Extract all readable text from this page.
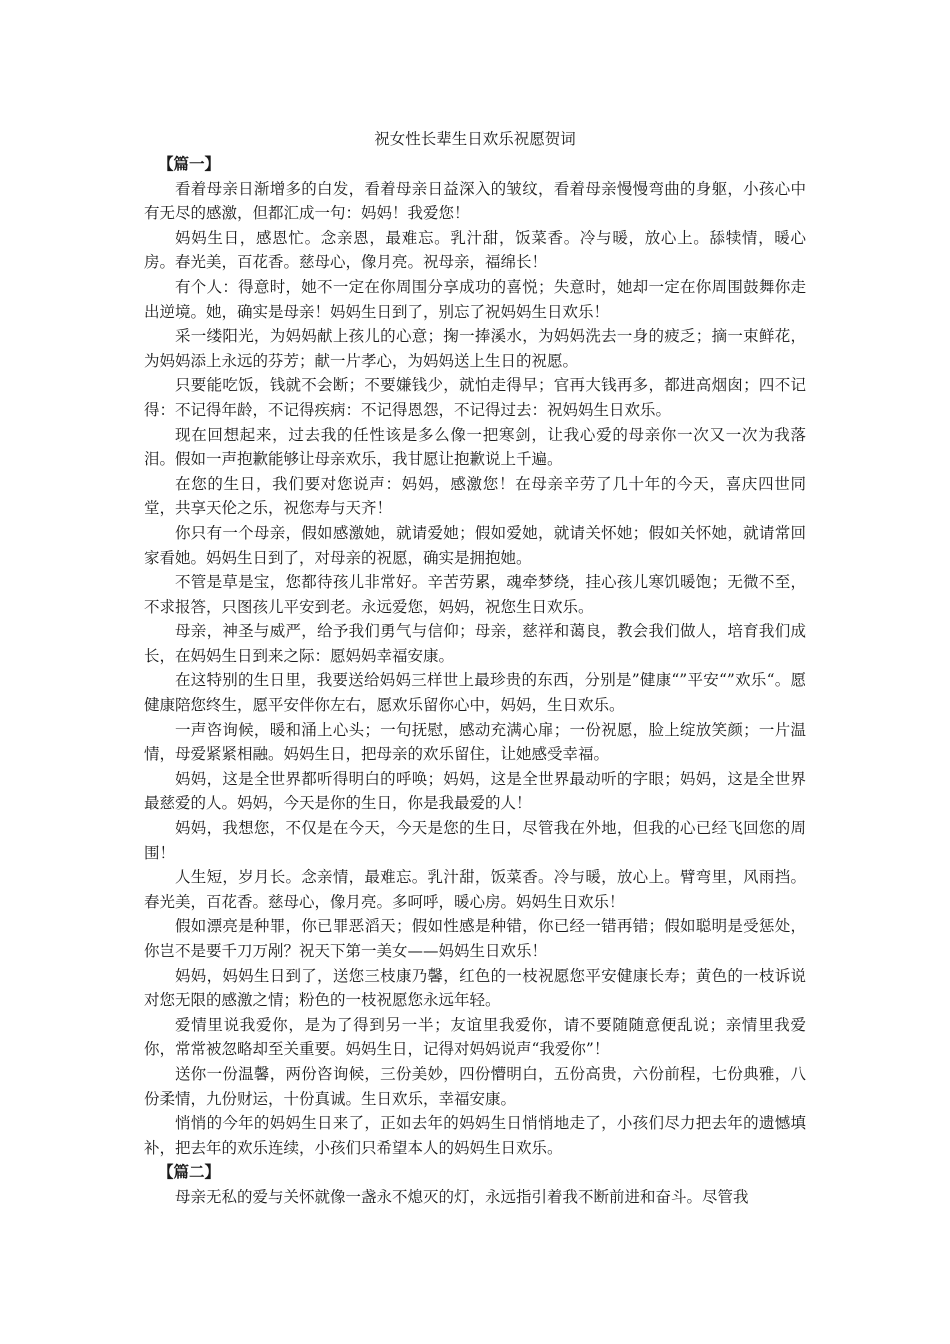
祝女性长辈生日欢乐祝愿贺词

【篇一】

看着母亲日渐增多的白发，看着母亲日益深入的皱纹，看着母亲慢慢弯曲的身躯，小孩心中有无尽的感激，但都汇成一句：妈妈！我爱您！

妈妈生日，感恩忙。念亲恩，最难忘。乳汁甜，饭菜香。冷与暖，放心上。舔犊情，暖心房。春光美，百花香。慈母心，像月亮。祝母亲，福绵长！

有个人：得意时，她不一定在你周围分享成功的喜悦；失意时，她却一定在你周围鼓舞你走出逆境。她，确实是母亲！妈妈生日到了，别忘了祝妈妈生日欢乐！

采一缕阳光，为妈妈献上孩儿的心意；掬一捧溪水，为妈妈洗去一身的疲乏；摘一束鲜花，为妈妈添上永远的芬芳；献一片孝心，为妈妈送上生日的祝愿。

只要能吃饭，钱就不会断；不要嫌钱少，就怕走得早；官再大钱再多，都进高烟囱；四不记得：不记得年龄，不记得疾病：不记得恩怨，不记得过去：祝妈妈生日欢乐。

现在回想起来，过去我的任性该是多么像一把寒剑，让我心爱的母亲你一次又一次为我落泪。假如一声抱歉能够让母亲欢乐，我甘愿让抱歉说上千遍。

在您的生日，我们要对您说声：妈妈，感激您！在母亲辛劳了几十年的今天，喜庆四世同堂，共享天伦之乐，祝您寿与天齐！

你只有一个母亲，假如感激她，就请爱她；假如爱她，就请关怀她；假如关怀她，就请常回家看她。妈妈生日到了，对母亲的祝愿，确实是拥抱她。

不管是草是宝，您都待孩儿非常好。辛苦劳累，魂牵梦绕，挂心孩儿寒饥暖饱；无微不至，不求报答，只图孩儿平安到老。永远爱您，妈妈，祝您生日欢乐。

母亲，神圣与威严，给予我们勇气与信仰；母亲，慈祥和蔼良，教会我们做人，培育我们成长，在妈妈生日到来之际：愿妈妈幸福安康。

在这特别的生日里，我要送给妈妈三样世上最珍贵的东西，分别是”健康“”平安“”欢乐“。愿健康陪您终生，愿平安伴你左右，愿欢乐留你心中，妈妈，生日欢乐。

一声咨询候，暖和涌上心头；一句抚慰，感动充满心扉；一份祝愿，脸上绽放笑颜；一片温情，母爱紧紧相融。妈妈生日，把母亲的欢乐留住，让她感受幸福。

妈妈，这是全世界都听得明白的呼唤；妈妈，这是全世界最动听的字眼；妈妈，这是全世界最慈爱的人。妈妈，今天是你的生日，你是我最爱的人！

妈妈，我想您，不仅是在今天，今天是您的生日，尽管我在外地，但我的心已经飞回您的周围！

人生短，岁月长。念亲情，最难忘。乳汁甜，饭菜香。冷与暖，放心上。臂弯里，风雨挡。春光美，百花香。慈母心，像月亮。多呵呼，暖心房。妈妈生日欢乐！

假如漂亮是种罪，你已罪恶滔天；假如性感是种错，你已经一错再错；假如聪明是受惩处，你岂不是要千刀万剐？祝天下第一美女——妈妈生日欢乐！

妈妈，妈妈生日到了，送您三枝康乃馨，红色的一枝祝愿您平安健康长寿；黄色的一枝诉说对您无限的感激之情；粉色的一枝祝愿您永远年轻。

爱情里说我爱你，是为了得到另一半；友谊里我爱你，请不要随随意便乱说；亲情里我爱你，常常被忽略却至关重要。妈妈生日，记得对妈妈说声“我爱你”！

送你一份温馨，两份咨询候，三份美妙，四份懵明白，五份高贵，六份前程，七份典雅，八份柔情，九份财运，十份真诚。生日欢乐，幸福安康。

悄悄的今年的妈妈生日来了，正如去年的妈妈生日悄悄地走了，小孩们尽力把去年的遗憾填补，把去年的欢乐连续，小孩们只希望本人的妈妈生日欢乐。

【篇二】

母亲无私的爱与关怀就像一盏永不熄灭的灯，永远指引着我不断前进和奋斗。尽管我
